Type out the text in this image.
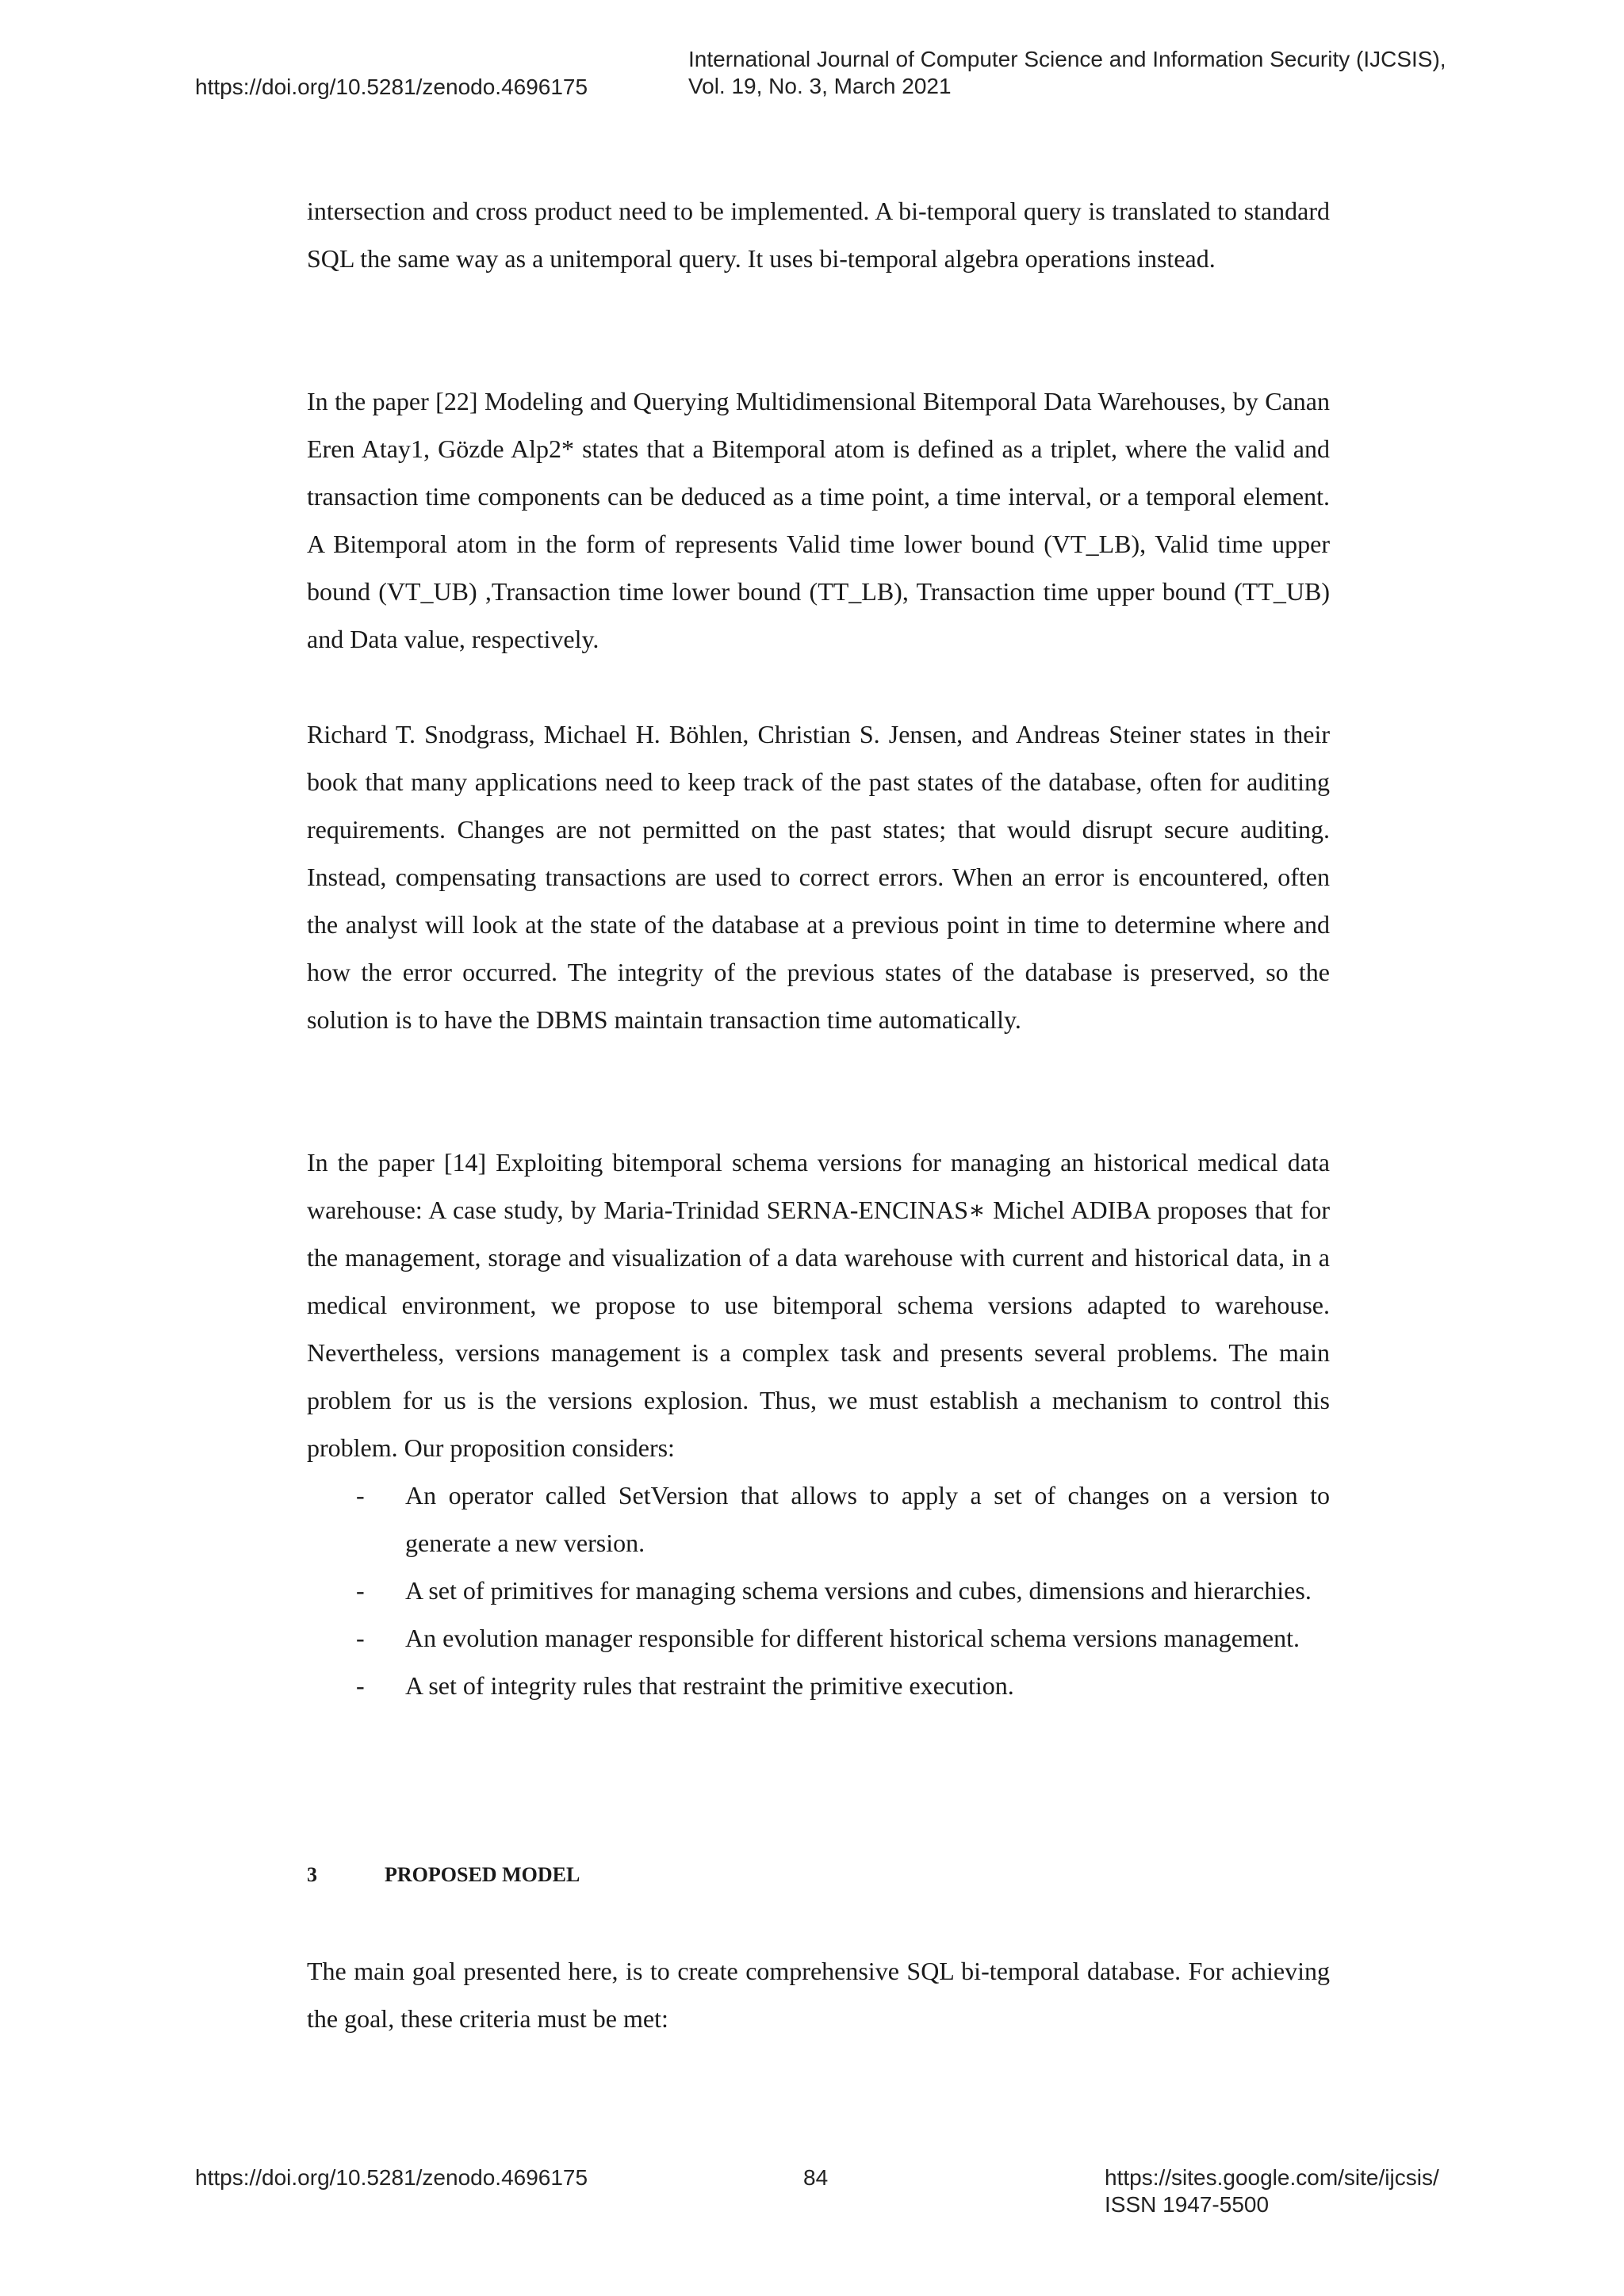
https://doi.org/10.5281/zenodo.4696175
International Journal of Computer Science and Information Security (IJCSIS),
Vol. 19, No. 3, March 2021

intersection and cross product need to be implemented. A bi-temporal query is translated to standard SQL the same way as a unitemporal query. It uses bi-temporal algebra operations instead.

In the paper [22] Modeling and Querying Multidimensional Bitemporal Data Warehouses, by Canan Eren Atay1, Gözde Alp2* states that a Bitemporal atom is defined as a triplet, where the valid and transaction time components can be deduced as a time point, a time interval, or a temporal element. A Bitemporal atom in the form of represents Valid time lower bound (VT_LB), Valid time upper bound (VT_UB) ,Transaction time lower bound (TT_LB), Transaction time upper bound (TT_UB) and Data value, respectively.

Richard T. Snodgrass, Michael H. Böhlen, Christian S. Jensen, and Andreas Steiner states in their book that many applications need to keep track of the past states of the database, often for auditing requirements. Changes are not permitted on the past states; that would disrupt secure auditing. Instead, compensating transactions are used to correct errors. When an error is encountered, often the analyst will look at the state of the database at a previous point in time to determine where and how the error occurred. The integrity of the previous states of the database is preserved, so the solution is to have the DBMS maintain transaction time automatically.

In the paper [14] Exploiting bitemporal schema versions for managing an historical medical data warehouse: A case study, by Maria-Trinidad SERNA-ENCINAS∗ Michel ADIBA proposes that for the management, storage and visualization of a data warehouse with current and historical data, in a medical environment, we propose to use bitemporal schema versions adapted to warehouse. Nevertheless, versions management is a complex task and presents several problems. The main problem for us is the versions explosion. Thus, we must establish a mechanism to control this problem. Our proposition considers:

- An operator called SetVersion that allows to apply a set of changes on a version to generate a new version.
- A set of primitives for managing schema versions and cubes, dimensions and hierarchies.
- An evolution manager responsible for different historical schema versions management.
- A set of integrity rules that restraint the primitive execution.
3	PROPOSED MODEL

The main goal presented here, is to create comprehensive SQL bi-temporal database. For achieving the goal, these criteria must be met:

https://doi.org/10.5281/zenodo.4696175	84	https://sites.google.com/site/ijcsis/
ISSN 1947-5500
